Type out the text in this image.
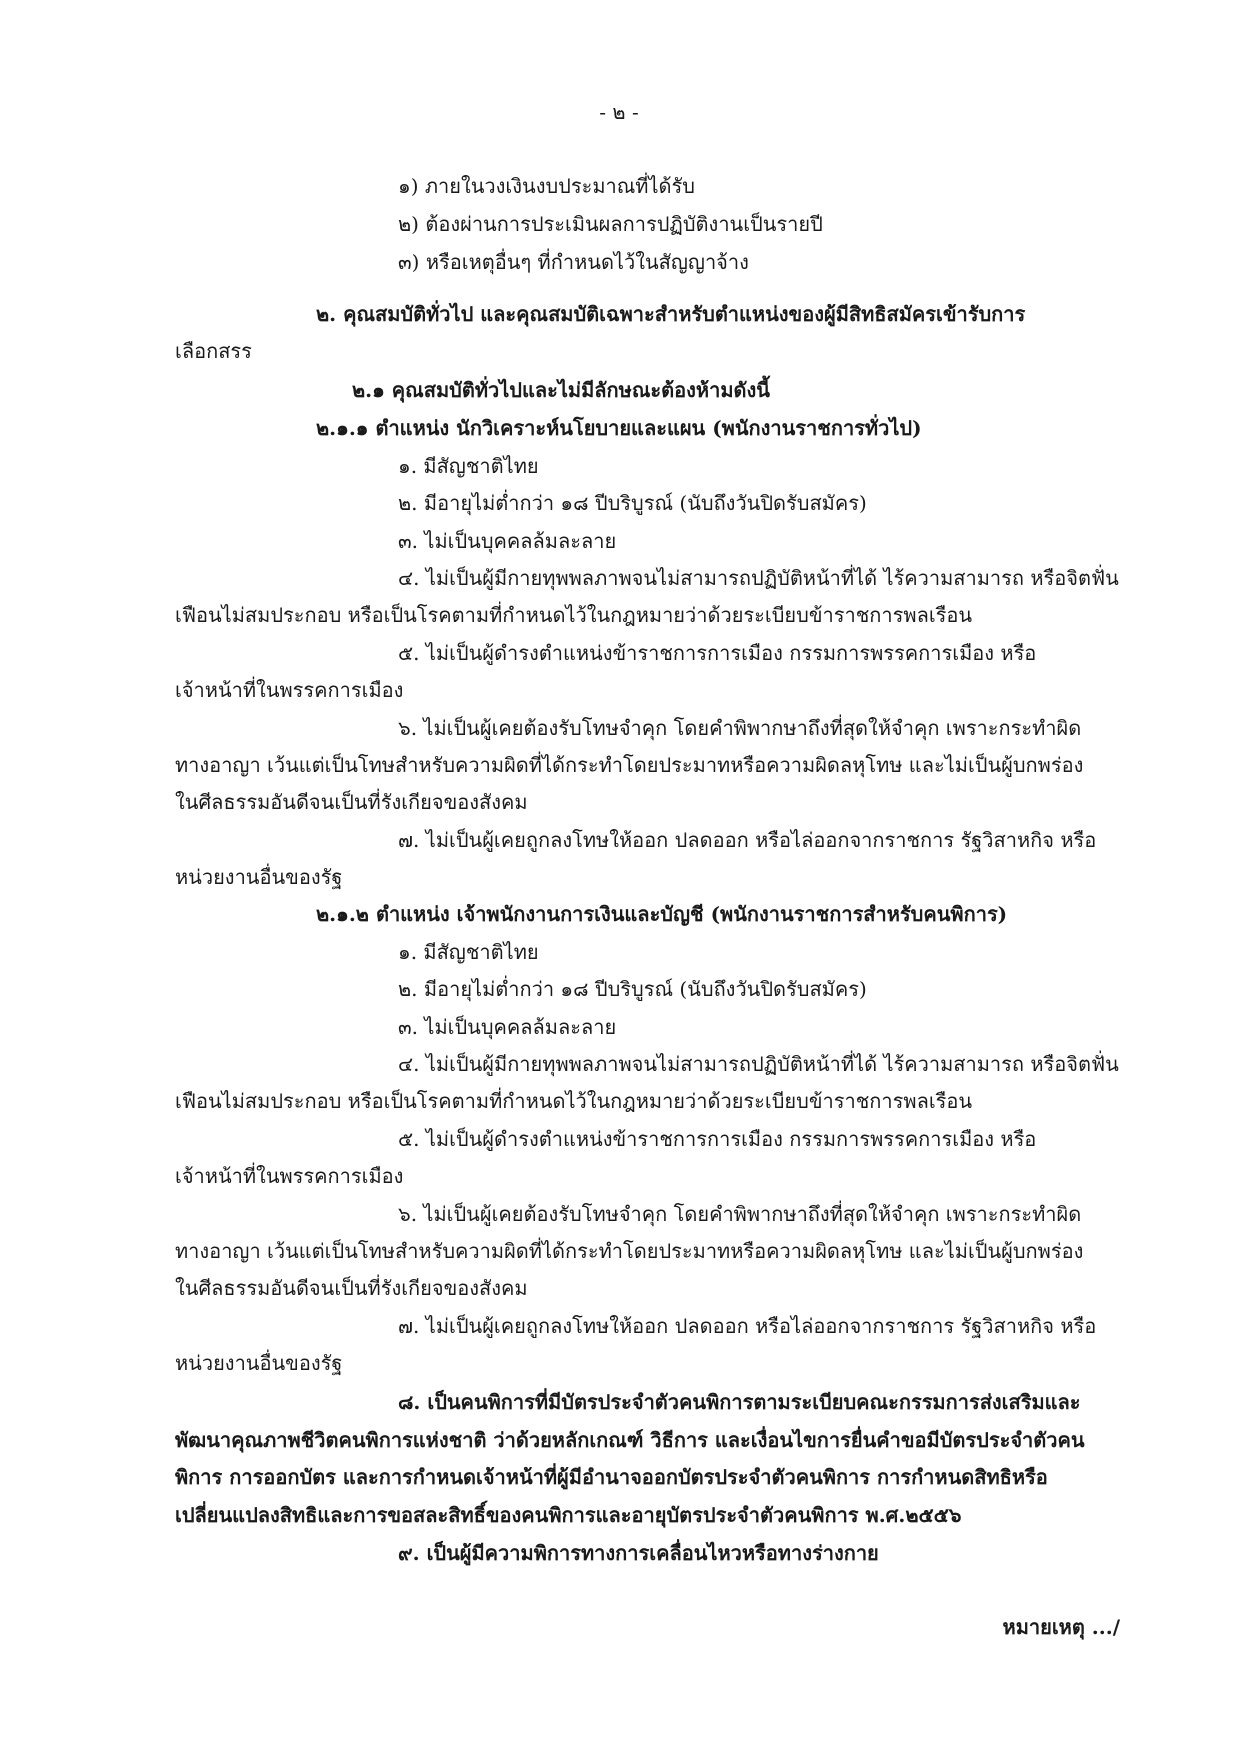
- ๒ -
๑) ภายในวงเงินงบประมาณที่ได้รับ
๒) ต้องผ่านการประเมินผลการปฏิบัติงานเป็นรายปี
๓) หรือเหตุอื่นๆ ที่กำหนดไว้ในสัญญาจ้าง
๒. คุณสมบัติทั่วไป และคุณสมบัติเฉพาะสำหรับตำแหน่งของผู้มีสิทธิสมัครเข้ารับการ
เลือกสรร
๒.๑ คุณสมบัติทั่วไปและไม่มีลักษณะต้องห้ามดังนี้
๒.๑.๑ ตำแหน่ง นักวิเคราะห์นโยบายและแผน (พนักงานราชการทั่วไป)
๑. มีสัญชาติไทย
๒. มีอายุไม่ต่ำกว่า ๑๘ ปีบริบูรณ์ (นับถึงวันปิดรับสมัคร)
๓. ไม่เป็นบุคคลล้มละลาย
๔. ไม่เป็นผู้มีกายทุพพลภาพจนไม่สามารถปฏิบัติหน้าที่ได้ ไร้ความสามารถ หรือจิตฟั่น
เฟือนไม่สมประกอบ หรือเป็นโรคตามที่กำหนดไว้ในกฎหมายว่าด้วยระเบียบข้าราชการพลเรือน
๕. ไม่เป็นผู้ดำรงตำแหน่งข้าราชการการเมือง กรรมการพรรคการเมือง หรือ
เจ้าหน้าที่ในพรรคการเมือง
๖. ไม่เป็นผู้เคยต้องรับโทษจำคุก โดยคำพิพากษาถึงที่สุดให้จำคุก เพราะกระทำผิด
ทางอาญา เว้นแต่เป็นโทษสำหรับความผิดที่ได้กระทำโดยประมาทหรือความผิดลหุโทษ และไม่เป็นผู้บกพร่อง
ในศีลธรรมอันดีจนเป็นที่รังเกียจของสังคม
๗. ไม่เป็นผู้เคยถูกลงโทษให้ออก ปลดออก หรือไล่ออกจากราชการ รัฐวิสาหกิจ หรือ
หน่วยงานอื่นของรัฐ
๒.๑.๒ ตำแหน่ง เจ้าพนักงานการเงินและบัญชี (พนักงานราชการสำหรับคนพิการ)
๑. มีสัญชาติไทย
๒. มีอายุไม่ต่ำกว่า ๑๘ ปีบริบูรณ์ (นับถึงวันปิดรับสมัคร)
๓. ไม่เป็นบุคคลล้มละลาย
๔. ไม่เป็นผู้มีกายทุพพลภาพจนไม่สามารถปฏิบัติหน้าที่ได้ ไร้ความสามารถ หรือจิตฟั่น
เฟือนไม่สมประกอบ หรือเป็นโรคตามที่กำหนดไว้ในกฎหมายว่าด้วยระเบียบข้าราชการพลเรือน
๕. ไม่เป็นผู้ดำรงตำแหน่งข้าราชการการเมือง กรรมการพรรคการเมือง หรือ
เจ้าหน้าที่ในพรรคการเมือง
๖. ไม่เป็นผู้เคยต้องรับโทษจำคุก โดยคำพิพากษาถึงที่สุดให้จำคุก เพราะกระทำผิด
ทางอาญา เว้นแต่เป็นโทษสำหรับความผิดที่ได้กระทำโดยประมาทหรือความผิดลหุโทษ และไม่เป็นผู้บกพร่อง
ในศีลธรรมอันดีจนเป็นที่รังเกียจของสังคม
๗. ไม่เป็นผู้เคยถูกลงโทษให้ออก ปลดออก หรือไล่ออกจากราชการ รัฐวิสาหกิจ หรือ
หน่วยงานอื่นของรัฐ
๘. เป็นคนพิการที่มีบัตรประจำตัวคนพิการตามระเบียบคณะกรรมการส่งเสริมและ
พัฒนาคุณภาพชีวิตคนพิการแห่งชาติ ว่าด้วยหลักเกณฑ์ วิธีการ และเงื่อนไขการยื่นคำขอมีบัตรประจำตัวคน
พิการ การออกบัตร และการกำหนดเจ้าหน้าที่ผู้มีอำนาจออกบัตรประจำตัวคนพิการ การกำหนดสิทธิหรือ
เปลี่ยนแปลงสิทธิและการขอสละสิทธิ์ของคนพิการและอายุบัตรประจำตัวคนพิการ พ.ศ.๒๕๕๖
๙. เป็นผู้มีความพิการทางการเคลื่อนไหวหรือทางร่างกาย
หมายเหตุ .../
